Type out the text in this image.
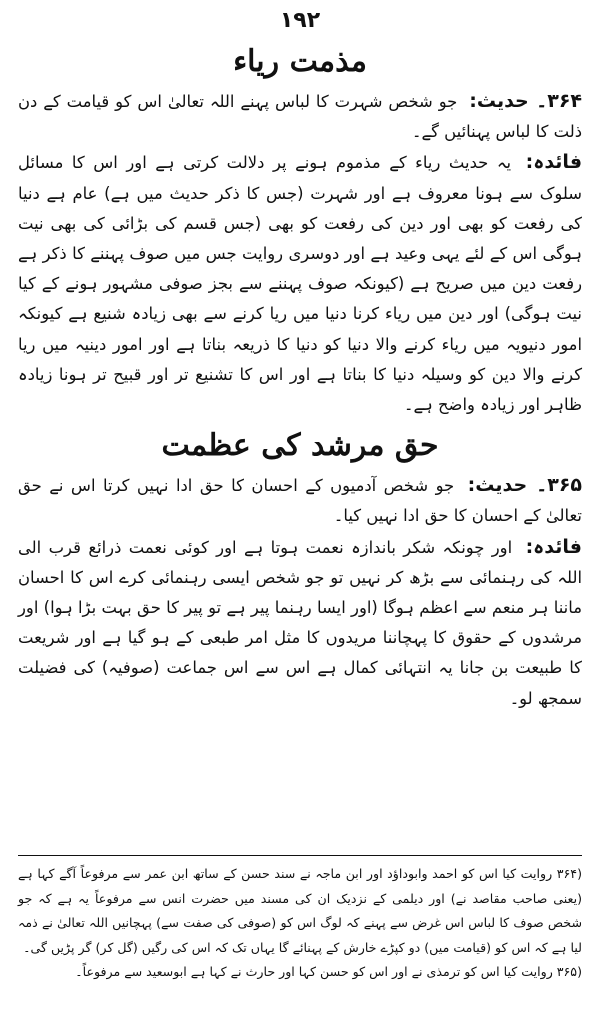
۱۹۲
مذمت ریاء

۳۶۴۔ حدیث: جو شخص شہرت کا لباس پہنے اللہ تعالیٰ اس کو قیامت کے دن ذلت کا لباس پہنائیں گے۔

فائدہ: یہ حدیث ریاء کے مذموم ہونے پر دلالت کرتی ہے اور اس کا مسائل سلوک سے ہونا معروف ہے اور شہرت (جس کا ذکر حدیث میں ہے) عام ہے دنیا کی رفعت کو بھی اور دین کی رفعت کو بھی (جس قسم کی بڑائی کی بھی نیت ہوگی اس کے لئے یہی وعید ہے اور دوسری روایت جس میں صوف پہننے کا ذکر ہے رفعت دین میں صریح ہے (کیونکہ صوف پہننے سے بجز صوفی مشہور ہونے کے کیا نیت ہوگی) اور دین میں ریاء کرنا دنیا میں ریا کرنے سے بھی زیادہ شنیع ہے کیونکہ امور دنیویہ میں ریاء کرنے والا دنیا کو دنیا کا ذریعہ بناتا ہے اور امور دینیہ میں ریا کرنے والا دین کو وسیلہ دنیا کا بناتا ہے اور اس کا تشنیع تر اور قبیح تر ہونا زیادہ ظاہر اور زیادہ واضح ہے۔

حق مرشد کی عظمت

۳۶۵۔ حدیث: جو شخص آدمیوں کے احسان کا حق ادا نہیں کرتا اس نے حق تعالیٰ کے احسان کا حق ادا نہیں کیا۔

فائدہ: اور چونکہ شکر باندازہ نعمت ہوتا ہے اور کوئی نعمت ذرائع قرب الی اللہ کی رہنمائی سے بڑھ کر نہیں تو جو شخص ایسی رہنمائی کرے اس کا احسان ماننا ہر منعم سے اعظم ہوگا (اور ایسا رہنما پیر ہے تو پیر کا حق بہت بڑا ہوا) اور مرشدوں کے حقوق کا پہچاننا مریدوں کا مثل امر طبعی کے ہو گیا ہے اور شریعت کا طبیعت بن جانا یہ انتہائی کمال ہے اس سے اس جماعت (صوفیہ) کی فضیلت سمجھ لو۔

(۳۶۴ روایت کیا اس کو احمد وابوداؤد اور ابن ماجہ نے سند حسن کے ساتھ ابن عمر سے مرفوعاً آگے کہا ہے (یعنی صاحب مقاصد نے) اور دیلمی کے نزدیک ان کی مسند میں حضرت انس سے مرفوعاً یہ ہے کہ جو شخص صوف کا لباس اس غرض سے پہنے کہ لوگ اس کو (صوفی کی صفت سے) پہچانیں اللہ تعالیٰ نے ذمہ لیا ہے کہ اس کو (قیامت میں) دو کپڑے خارش کے پہنائے گا یہاں تک کہ اس کی رگیں (گل کر) گر پڑیں گی۔

(۳۶۵ روایت کیا اس کو ترمذی نے اور اس کو حسن کہا اور حارث نے کہا ہے ابوسعید سے مرفوعاً۔
